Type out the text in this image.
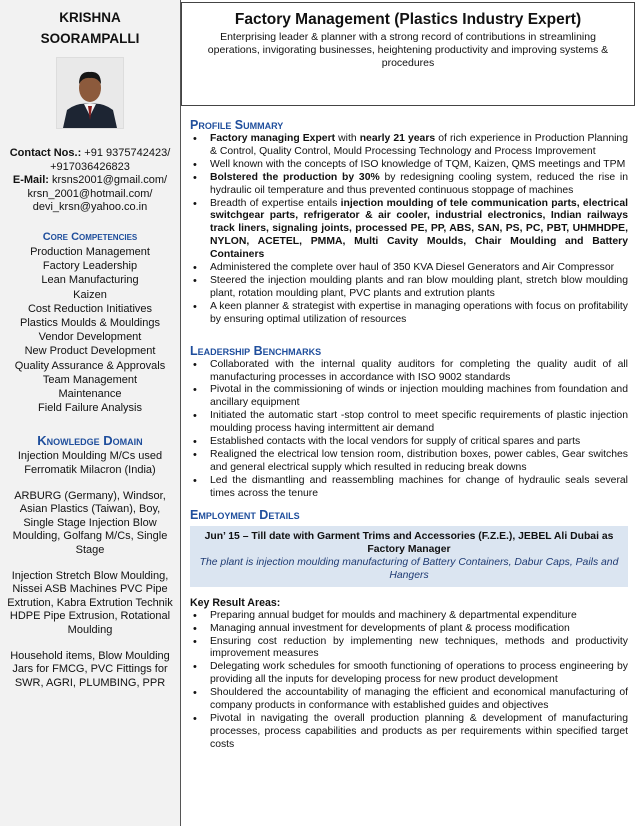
KRISHNA
SOORAMPALLI
Contact Nos.: +91 9375742423/
+917036426823
E-Mail: krsns2001@gmail.com/
krsn_2001@hotmail.com/
devi_krsn@yahoo.co.in
Core Competencies
Production Management
Factory Leadership
Lean Manufacturing
Kaizen
Cost Reduction Initiatives
Plastics Moulds & Mouldings
Vendor Development
New Product Development
Quality Assurance & Approvals
Team Management
Maintenance
Field Failure Analysis
Knowledge Domain
Injection Moulding M/Cs used Ferromatik Milacron (India)
ARBURG (Germany), Windsor, Asian Plastics (Taiwan), Boy, Single Stage Injection Blow Moulding, Golfang M/Cs, Single Stage
Injection Stretch Blow Moulding, Nissei ASB Machines PVC Pipe Extrution, Kabra Extrution Technik HDPE Pipe Extrusion, Rotational Moulding
Household items, Blow Moulding Jars for FMCG, PVC Fittings for SWR, AGRI, PLUMBING, PPR
Factory Management (Plastics Industry Expert)
Enterprising leader & planner with a strong record of contributions in streamlining operations, invigorating businesses, heightening productivity and improving systems & procedures
Profile Summary
• Factory managing Expert with nearly 21 years of rich experience in Production Planning & Control, Quality Control, Mould Processing Technology and Process Improvement
• Well known with the concepts of ISO knowledge of TQM, Kaizen, QMS meetings and TPM
• Bolstered the production by 30% by redesigning cooling system, reduced the rise in hydraulic oil temperature and thus prevented continuous stoppage of machines
• Breadth of expertise entails injection moulding of tele communication parts, electrical switchgear parts, refrigerator & air cooler, industrial electronics, Indian railways track liners, signaling joints, processed PE, PP, ABS, SAN, PS, PC, PBT, UHMHDPE, NYLON, ACETEL, PMMA, Multi Cavity Moulds, Chair Moulding and Battery Containers
• Administered the complete over haul of 350 KVA Diesel Generators and Air Compressor
• Steered the injection moulding plants and ran blow moulding plant, stretch blow moulding plant, rotation moulding plant, PVC plants and extrution plants
• A keen planner & strategist with expertise in managing operations with focus on profitability by ensuring optimal utilization of resources
Leadership Benchmarks
• Collaborated with the internal quality auditors for completing the quality audit of all manufacturing processes in accordance with ISO 9002 standards
• Pivotal in the commissioning of winds or injection moulding machines from foundation and ancillary equipment
• Initiated the automatic start -stop control to meet specific requirements of plastic injection moulding process having intermittent air demand
• Established contacts with the local vendors for supply of critical spares and parts
• Realigned the electrical low tension room, distribution boxes, power cables, Gear switches and general electrical supply which resulted in reducing break downs
• Led the dismantling and reassembling machines for change of hydraulic seals several times across the tenure
Employment Details
Jun’ 15 – Till date with Garment Trims and Accessories (F.Z.E.), JEBEL Ali Dubai as
Factory Manager
The plant is injection moulding manufacturing of Battery Containers, Dabur Caps, Pails and Hangers
Key Result Areas:
• Preparing annual budget for moulds and machinery & departmental expenditure
• Managing annual investment for developments of plant & process modification
• Ensuring cost reduction by implementing new techniques, methods and productivity improvement measures
• Delegating work schedules for smooth functioning of operations to process engineering by providing all the inputs for developing process for new product development
• Shouldered the accountability of managing the efficient and economical manufacturing of company products in conformance with established guides and objectives
• Pivotal in navigating the overall production planning & development of manufacturing processes, process capabilities and products as per requirements within specified target costs
